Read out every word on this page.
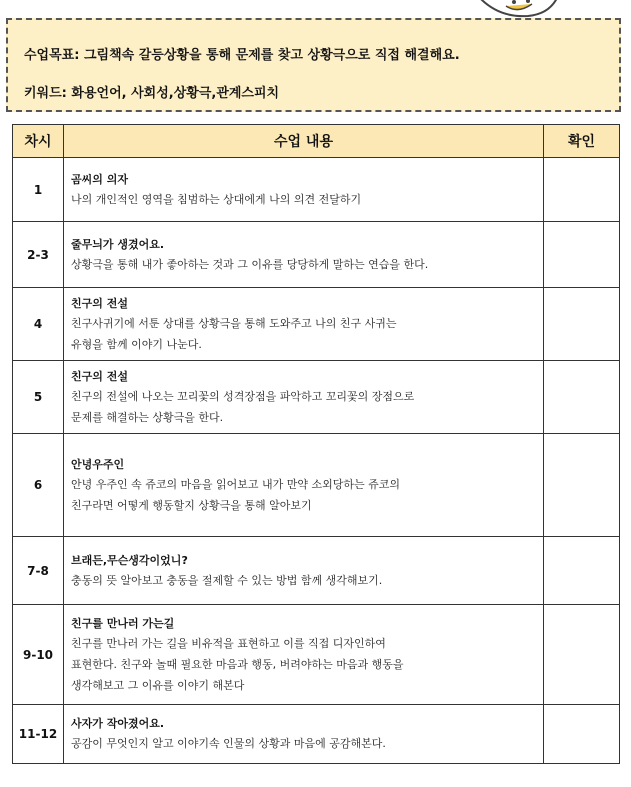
수업목표: 그림책속 갈등상황을 통해 문제를 찾고 상황극으로 직접 해결해요.
키워드: 화용언어, 사회성,상황극,관계스피치
차시	수업 내용	확인
1	곰씨의 의자
나의 개인적인 영역을 침범하는 상대에게 나의 의견 전달하기	

2-3	줄무늬가 생겼어요.
상황극을 통해 내가 좋아하는 것과 그 이유를 당당하게 말하는 연습을 한다.	

4	친구의 전설
친구사귀기에 서툰 상대를 상황극을 통해 도와주고 나의 친구 사귀는
유형을 함께 이야기 나눈다.	

5	친구의 전설
친구의 전설에 나오는 꼬리꽃의 성격장점을 파악하고 꼬리꽃의 장점으로
문제를 해결하는 상황극을 한다.	

6	안녕우주인
안녕 우주인 속 쥬코의 마음을 읽어보고 내가 만약 소외당하는 쥬코의
친구라면 어떻게 행동할지 상황극을 통해 알아보기	

7-8	브래든,무슨생각이었니?
충동의 뜻 알아보고 충동을 절제할 수 있는 방법 함께 생각해보기.	

9-10	친구를 만나러 가는길
친구를 만나러 가는 길을 비유적을 표현하고 이를 직접 디자인하여
표현한다. 친구와 놀때 필요한 마음과 행동, 버려야하는 마음과 행동을
생각해보고 그 이유를 이야기 해본다	

11-12	사자가 작아졌어요.
공감이 무엇인지 알고 이야기속 인물의 상황과 마음에 공감해본다.	
